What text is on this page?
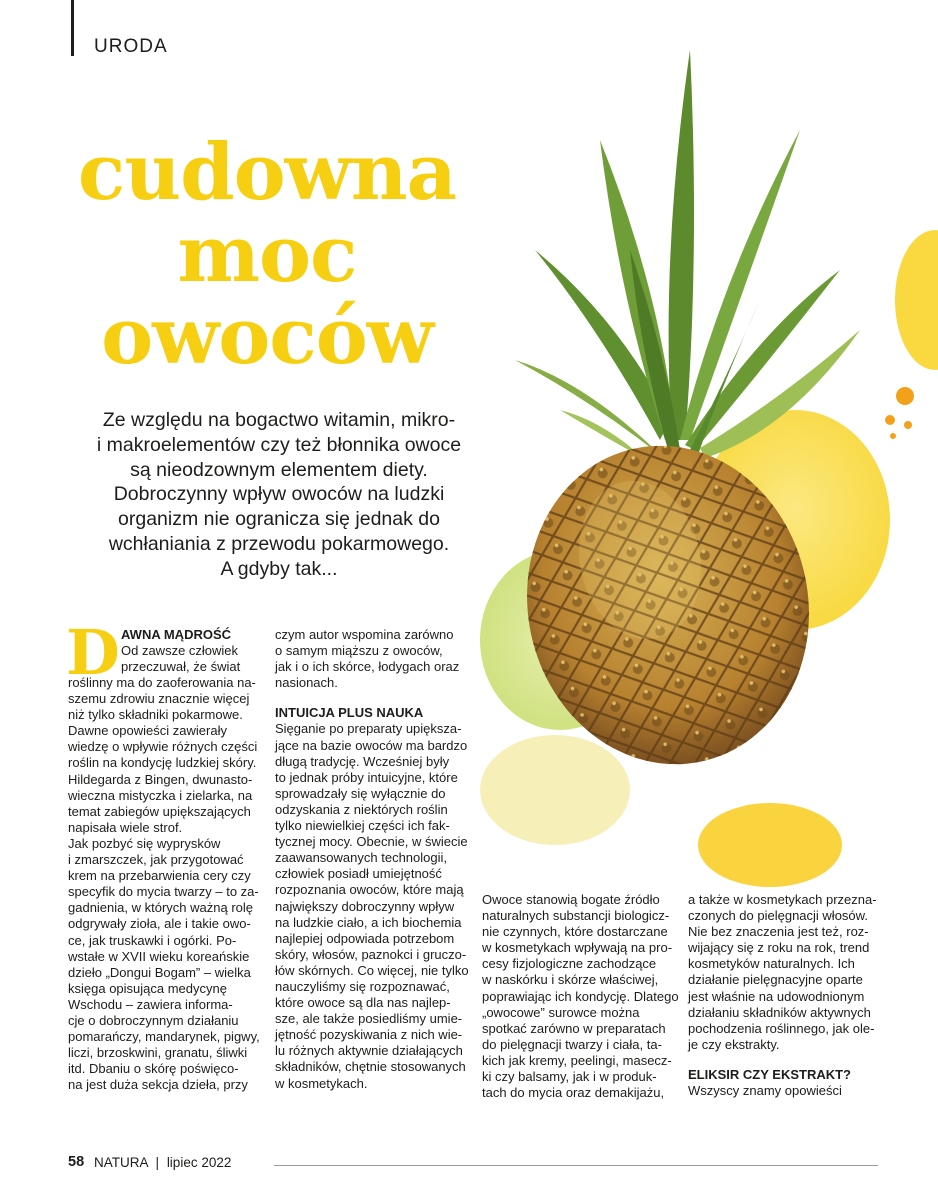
URODA
cudowna
moc
owoców
Ze względu na bogactwo witamin, mikro-
i makroelementów czy też błonnika owoce
są nieodzownym elementem diety.
Dobroczynny wpływ owoców na ludzki
organizm nie ogranicza się jednak do
wchłaniania z przewodu pokarmowego.
A gdyby tak...
D AWNA MĄDROŚĆ
Od zawsze człowiek
przeczuwał, że świat
roślinny ma do zaoferowania na-
szemu zdrowiu znacznie więcej
niż tylko składniki pokarmowe.
Dawne opowieści zawierały
wiedzę o wpływie różnych części
roślin na kondycję ludzkiej skóry.
Hildegarda z Bingen, dwunasto-
wieczna mistyczka i zielarka, na
temat zabiegów upiększających
napisała wiele strof.
Jak pozbyć się wyprysków
i zmarszczek, jak przygotować
krem na przebarwienia cery czy
specyfik do mycia twarzy – to za-
gadnienia, w których ważną rolę
odgrywały zioła, ale i takie owo-
ce, jak truskawki i ogórki. Po-
wstałe w XVII wieku koreańskie
dzieło „Dongui Bogam” – wielka
księga opisująca medycynę
Wschodu – zawiera informa-
cje o dobroczynnym działaniu
pomarańczy, mandarynek, pigwy,
liczi, brzoskwini, granatu, śliwki
itd. Dbaniu o skórę poświęco-
na jest duża sekcja dzieła, przy
czym autor wspomina zarówno
o samym miąższu z owoców,
jak i o ich skórce, łodygach oraz
nasionach.
INTUICJA PLUS NAUKA
Sięganie po preparaty upiększa-
jące na bazie owoców ma bardzo
długą tradycję. Wcześniej były
to jednak próby intuicyjne, które
sprowadzały się wyłącznie do
odzyskania z niektórych roślin
tylko niewielkiej części ich fak-
tycznej mocy. Obecnie, w świecie
zaawansowanych technologii,
człowiek posiadł umiejętność
rozpoznania owoców, które mają
największy dobroczynny wpływ
na ludzkie ciało, a ich biochemia
najlepiej odpowiada potrzebom
skóry, włosów, paznokci i gruczo-
łów skórnych. Co więcej, nie tylko
nauczyliśmy się rozpoznawać,
które owoce są dla nas najlep-
sze, ale także posiedliśmy umie-
jętność pozyskiwania z nich wie-
lu różnych aktywnie działających
składników, chętnie stosowanych
w kosmetykach.
Owoce stanowią bogate źródło
naturalnych substancji biologicz-
nie czynnych, które dostarczane
w kosmetykach wpływają na pro-
cesy fizjologiczne zachodzące
w naskórku i skórze właściwej,
poprawiając ich kondycję. Dlatego
„owocowe” surowce można
spotkać zarówno w preparatach
do pielęgnacji twarzy i ciała, ta-
kich jak kremy, peelingi, masecz-
ki czy balsamy, jak i w produk-
tach do mycia oraz demakijażu,
a także w kosmetykach przezna-
czonych do pielęgnacji włosów.
Nie bez znaczenia jest też, roz-
wijający się z roku na rok, trend
kosmetyków naturalnych. Ich
działanie pielęgnacyjne oparte
jest właśnie na udowodnionym
działaniu składników aktywnych
pochodzenia roślinnego, jak ole-
je czy ekstrakty.
ELIKSIR CZY EKSTRAKT?
Wszyscy znamy opowieści
58 NATURA | lipiec 2022
